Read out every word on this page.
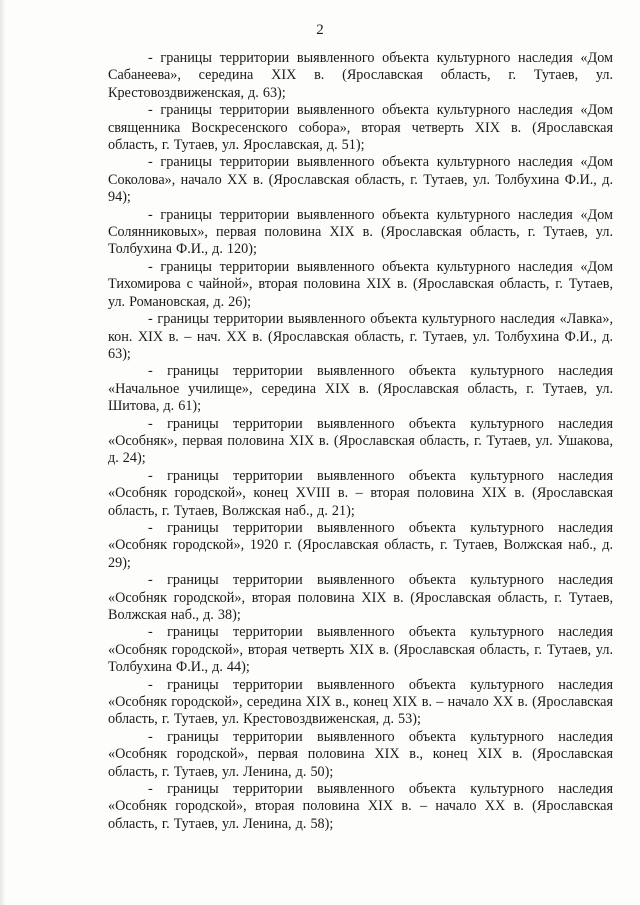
2

- границы территории выявленного объекта культурного наследия «Дом Сабанеева», середина XIX в. (Ярославская область, г. Тутаев, ул. Крестовоздвиженская, д. 63);

- границы территории выявленного объекта культурного наследия «Дом священника Воскресенского собора», вторая четверть XIX в. (Ярославская область, г. Тутаев, ул. Ярославская, д. 51);

- границы территории выявленного объекта культурного наследия «Дом Соколова», начало XX в. (Ярославская область, г. Тутаев, ул. Толбухина Ф.И., д. 94);

- границы территории выявленного объекта культурного наследия «Дом Солянниковых», первая половина XIX в. (Ярославская область, г. Тутаев, ул. Толбухина Ф.И., д. 120);

- границы территории выявленного объекта культурного наследия «Дом Тихомирова с чайной», вторая половина XIX в. (Ярославская область, г. Тутаев, ул. Романовская, д. 26);

- границы территории выявленного объекта культурного наследия «Лавка», кон. XIX в. – нач. XX в. (Ярославская область, г. Тутаев, ул. Толбухина Ф.И., д. 63);

- границы территории выявленного объекта культурного наследия «Начальное училище», середина XIX в. (Ярославская область, г. Тутаев, ул. Шитова, д. 61);

- границы территории выявленного объекта культурного наследия «Особняк», первая половина XIX в. (Ярославская область, г. Тутаев, ул. Ушакова, д. 24);

- границы территории выявленного объекта культурного наследия «Особняк городской», конец XVIII в. – вторая половина XIX в. (Ярославская область, г. Тутаев, Волжская наб., д. 21);

- границы территории выявленного объекта культурного наследия «Особняк городской», 1920 г. (Ярославская область, г. Тутаев, Волжская наб., д. 29);

- границы территории выявленного объекта культурного наследия «Особняк городской», вторая половина XIX в. (Ярославская область, г. Тутаев, Волжская наб., д. 38);

- границы территории выявленного объекта культурного наследия «Особняк городской», вторая четверть XIX в. (Ярославская область, г. Тутаев, ул. Толбухина Ф.И., д. 44);

- границы территории выявленного объекта культурного наследия «Особняк городской», середина XIX в., конец XIX в. – начало XX в. (Ярославская область, г. Тутаев, ул. Крестовоздвиженская, д. 53);

- границы территории выявленного объекта культурного наследия «Особняк городской», первая половина XIX в., конец XIX в. (Ярославская область, г. Тутаев, ул. Ленина, д. 50);

- границы территории выявленного объекта культурного наследия «Особняк городской», вторая половина XIX в. – начало XX в. (Ярославская область, г. Тутаев, ул. Ленина, д. 58);
